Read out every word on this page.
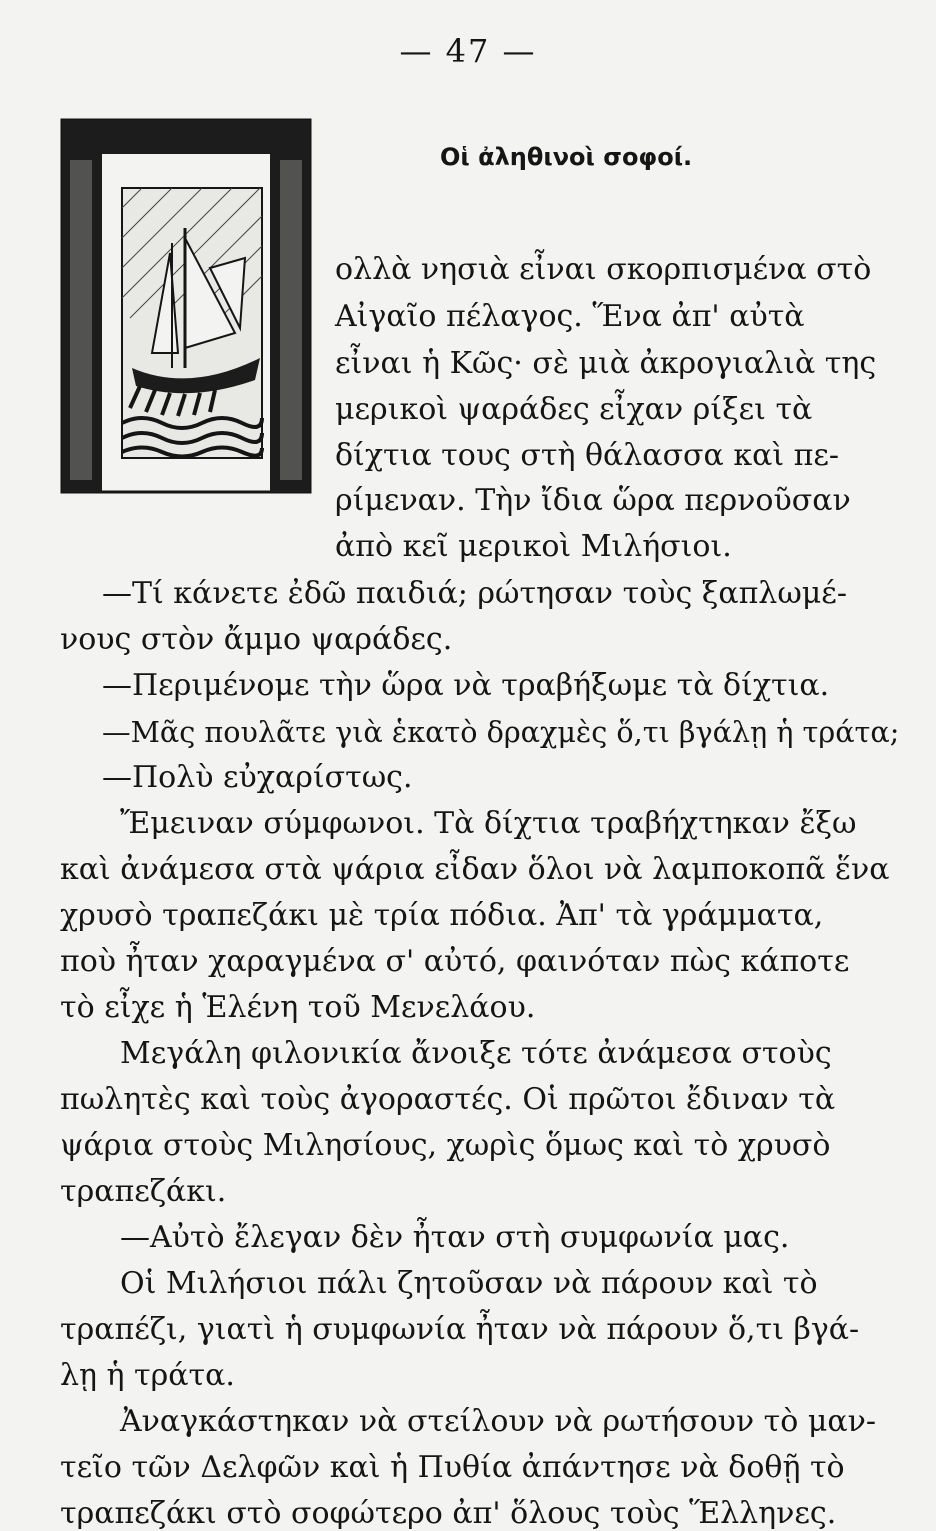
— 47 —
Οἱ ἀληθινοὶ σοφοί.
ολλὰ νησιὰ εἶναι σκορπισμένα στὸ
Αἰγαῖο πέλαγος. Ἕνα ἀπ' αὐτὰ
εἶναι ἡ Κῶς· σὲ μιὰ ἀκρογιαλιὰ της
μερικοὶ ψαράδες εἶχαν ρίξει τὰ
δίχτια τους στὴ θάλασσα καὶ πε-
ρίμεναν. Τὴν ἴδια ὥρα περνοῦσαν
ἀπὸ κεῖ μερικοὶ Μιλήσιοι.
—Τί κάνετε ἐδῶ παιδιά; ρώτησαν τοὺς ξαπλωμέ-
νους στὸν ἄμμο ψαράδες.
—Περιμένομε τὴν ὥρα νὰ τραβήξωμε τὰ δίχτια.
—Μᾶς πουλᾶτε γιὰ ἑκατὸ δραχμὲς ὅ,τι βγάλῃ ἡ τράτα;
—Πολὺ εὐχαρίστως.
Ἔμειναν σύμφωνοι. Τὰ δίχτια τραβήχτηκαν ἔξω
καὶ ἀνάμεσα στὰ ψάρια εἶδαν ὅλοι νὰ λαμποκοπᾶ ἕνα
χρυσὸ τραπεζάκι μὲ τρία πόδια. Ἀπ' τὰ γράμματα,
ποὺ ἦταν χαραγμένα σ' αὐτό, φαινόταν πὼς κάποτε
τὸ εἶχε ἡ Ἑλένη τοῦ Μενελάου.
Μεγάλη φιλονικία ἄνοιξε τότε ἀνάμεσα στοὺς
πωλητὲς καὶ τοὺς ἀγοραστές. Οἱ πρῶτοι ἔδιναν τὰ
ψάρια στοὺς Μιλησίους, χωρὶς ὅμως καὶ τὸ χρυσὸ
τραπεζάκι.
—Αὐτὸ ἔλεγαν δὲν ἦταν στὴ συμφωνία μας.
Οἱ Μιλήσιοι πάλι ζητοῦσαν νὰ πάρουν καὶ τὸ
τραπέζι, γιατὶ ἡ συμφωνία ἦταν νὰ πάρουν ὅ,τι βγά-
λῃ ἡ τράτα.
Ἀναγκάστηκαν νὰ στείλουν νὰ ρωτήσουν τὸ μαν-
τεῖο τῶν Δελφῶν καὶ ἡ Πυθία ἀπάντησε νὰ δοθῇ τὸ
τραπεζάκι στὸ σοφώτερο ἀπ' ὅλους τοὺς Ἕλληνες.
